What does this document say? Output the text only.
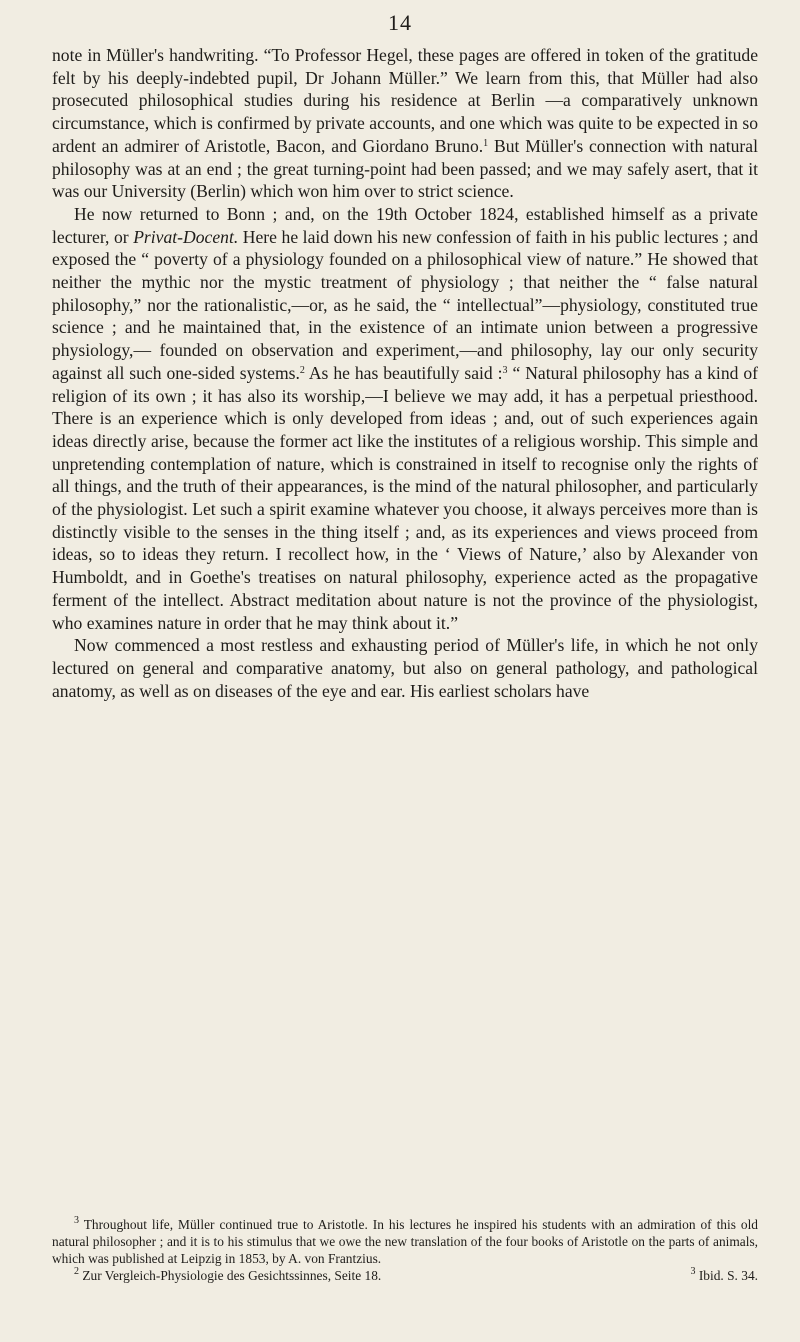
14

note in Müller's handwriting. “To Professor Hegel, these pages are offered in token of the gratitude felt by his deeply-indebted pupil, Dr Johann Müller.” We learn from this, that Müller had also prosecuted philosophical studies during his residence at Berlin —a comparatively unknown circumstance, which is confirmed by private accounts, and one which was quite to be expected in so ardent an admirer of Aristotle, Bacon, and Giordano Bruno.$^1$ But Müller's connection with natural philosophy was at an end ; the great turning-point had been passed; and we may safely asert, that it was our University (Berlin) which won him over to strict science.

He now returned to Bonn ; and, on the 19th October 1824, established himself as a private lecturer, or Privat-Docent. Here he laid down his new confession of faith in his public lectures ; and exposed the “ poverty of a physiology founded on a philosophical view of nature.” He showed that neither the mythic nor the mystic treatment of physiology ; that neither the “ false natural philosophy,” nor the rationalistic,—or, as he said, the “ intellectual”—physiology, constituted true science ; and he maintained that, in the existence of an intimate union between a progressive physiology,— founded on observation and experiment,—and philosophy, lay our only security against all such one-sided systems.$^2$ As he has beautifully said :$^3$ “ Natural philosophy has a kind of religion of its own ; it has also its worship,—I believe we may add, it has a perpetual priesthood. There is an experience which is only developed from ideas ; and, out of such experiences again ideas directly arise, because the former act like the institutes of a religious worship. This simple and unpretending contemplation of nature, which is constrained in itself to recognise only the rights of all things, and the truth of their appearances, is the mind of the natural philosopher, and particularly of the physiologist. Let such a spirit examine whatever you choose, it always perceives more than is distinctly visible to the senses in the thing itself ; and, as its experiences and views proceed from ideas, so to ideas they return. I recollect how, in the ‘ Views of Nature,’ also by Alexander von Humboldt, and in Goethe's treatises on natural philosophy, experience acted as the propagative ferment of the intellect. Abstract meditation about nature is not the province of the physiologist, who examines nature in order that he may think about it.”

Now commenced a most restless and exhausting period of Müller's life, in which he not only lectured on general and comparative anatomy, but also on general pathology, and pathological anatomy, as well as on diseases of the eye and ear. His earliest scholars have

$^3$ Throughout life, Müller continued true to Aristotle. In his lectures he inspired his students with an admiration of this old natural philosopher ; and it is to his stimulus that we owe the new translation of the four books of Aristotle on the parts of animals, which was published at Leipzig in 1853, by A. von Frantzius.

$^2$ Zur Vergleich-Physiologie des Gesichtssinnes, Seite 18.	$^3$ Ibid. S. 34.
